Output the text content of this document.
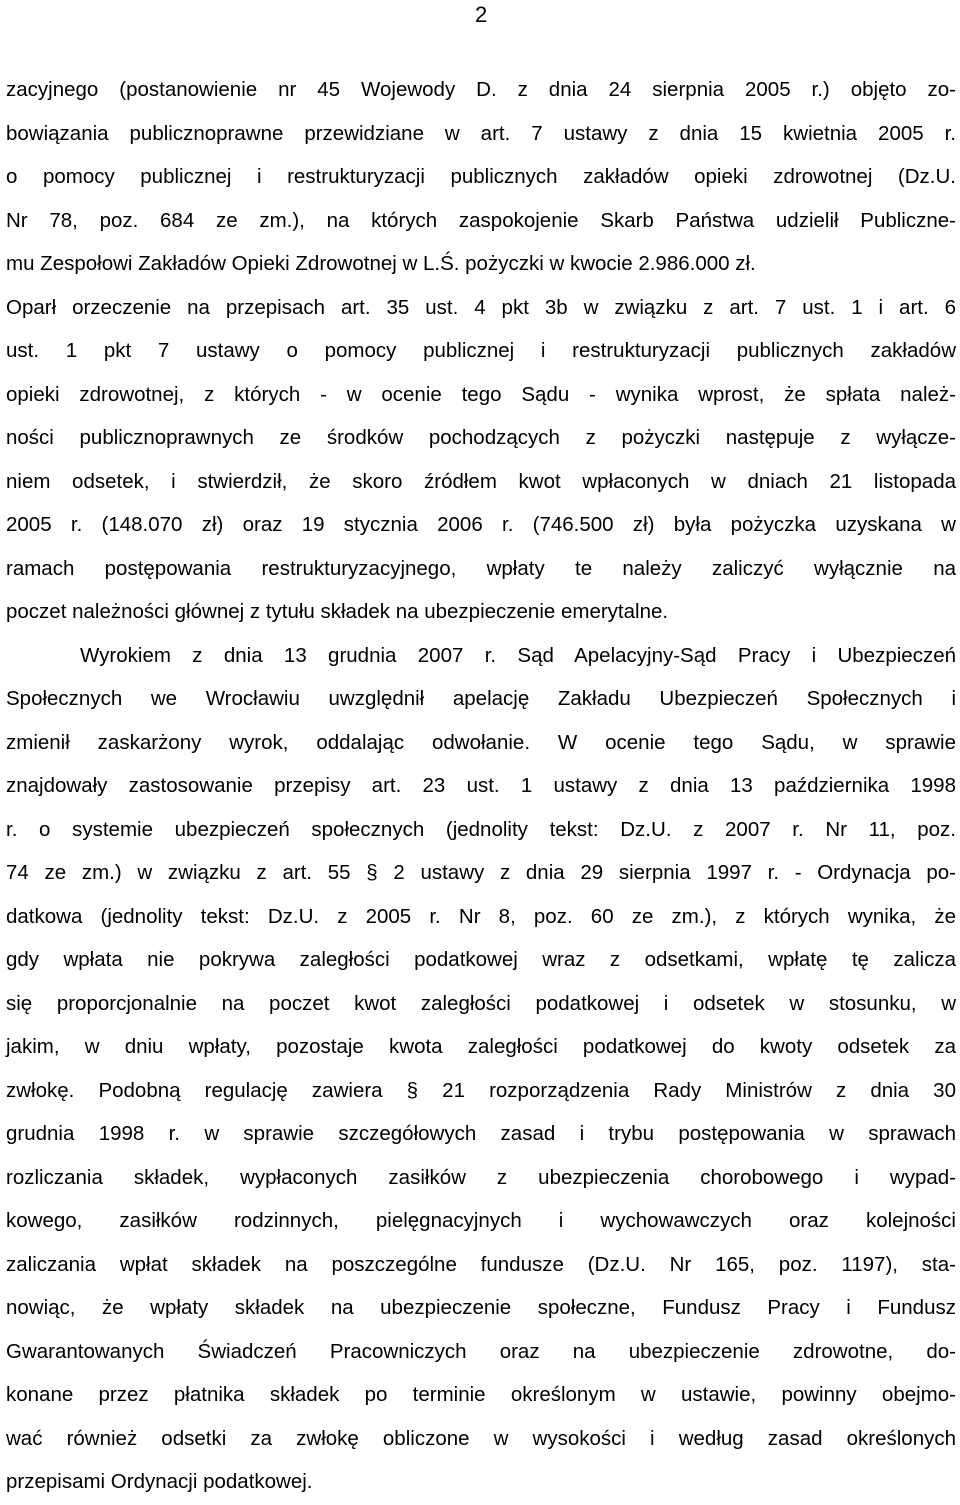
2
zacyjnego (postanowienie nr 45 Wojewody D. z dnia 24 sierpnia 2005 r.) objęto zo-
bowiązania publicznoprawne przewidziane w art. 7 ustawy z dnia 15 kwietnia 2005 r.
o pomocy publicznej i restrukturyzacji publicznych zakładów opieki zdrowotnej (Dz.U.
Nr 78, poz. 684 ze zm.), na których zaspokojenie Skarb Państwa udzielił Publiczne-
mu Zespołowi Zakładów Opieki Zdrowotnej w L.Ś. pożyczki w kwocie 2.986.000 zł.
Oparł orzeczenie na przepisach art. 35 ust. 4 pkt 3b w związku z art. 7 ust. 1 i art. 6
ust. 1 pkt 7 ustawy o pomocy publicznej i restrukturyzacji publicznych zakładów
opieki zdrowotnej, z których - w ocenie tego Sądu - wynika wprost, że spłata należ-
ności publicznoprawnych ze środków pochodzących z pożyczki następuje z wyłącze-
niem odsetek, i stwierdził, że skoro źródłem kwot wpłaconych w dniach 21 listopada
2005 r. (148.070 zł) oraz 19 stycznia 2006 r. (746.500 zł) była pożyczka uzyskana w
ramach postępowania restrukturyzacyjnego, wpłaty te należy zaliczyć wyłącznie na
poczet należności głównej z tytułu składek na ubezpieczenie emerytalne.
Wyrokiem z dnia 13 grudnia 2007 r. Sąd Apelacyjny-Sąd Pracy i Ubezpieczeń
Społecznych we Wrocławiu uwzględnił apelację Zakładu Ubezpieczeń Społecznych i
zmienił zaskarżony wyrok, oddalając odwołanie. W ocenie tego Sądu, w sprawie
znajdowały zastosowanie przepisy art. 23 ust. 1 ustawy z dnia 13 października 1998
r. o systemie ubezpieczeń społecznych (jednolity tekst: Dz.U. z 2007 r. Nr 11, poz.
74 ze zm.) w związku z art. 55 § 2 ustawy z dnia 29 sierpnia 1997 r. - Ordynacja po-
datkowa (jednolity tekst: Dz.U. z 2005 r. Nr 8, poz. 60 ze zm.), z których wynika, że
gdy wpłata nie pokrywa zaległości podatkowej wraz z odsetkami, wpłatę tę zalicza
się proporcjonalnie na poczet kwot zaległości podatkowej i odsetek w stosunku, w
jakim, w dniu wpłaty, pozostaje kwota zaległości podatkowej do kwoty odsetek za
zwłokę. Podobną regulację zawiera § 21 rozporządzenia Rady Ministrów z dnia 30
grudnia 1998 r. w sprawie szczegółowych zasad i trybu postępowania w sprawach
rozliczania składek, wypłaconych zasiłków z ubezpieczenia chorobowego i wypad-
kowego, zasiłków rodzinnych, pielęgnacyjnych i wychowawczych oraz kolejności
zaliczania wpłat składek na poszczególne fundusze (Dz.U. Nr 165, poz. 1197), sta-
nowiąc, że wpłaty składek na ubezpieczenie społeczne, Fundusz Pracy i Fundusz
Gwarantowanych Świadczeń Pracowniczych oraz na ubezpieczenie zdrowotne, do-
konane przez płatnika składek po terminie określonym w ustawie, powinny obejmo-
wać również odsetki za zwłokę obliczone w wysokości i według zasad określonych
przepisami Ordynacji podatkowej.
